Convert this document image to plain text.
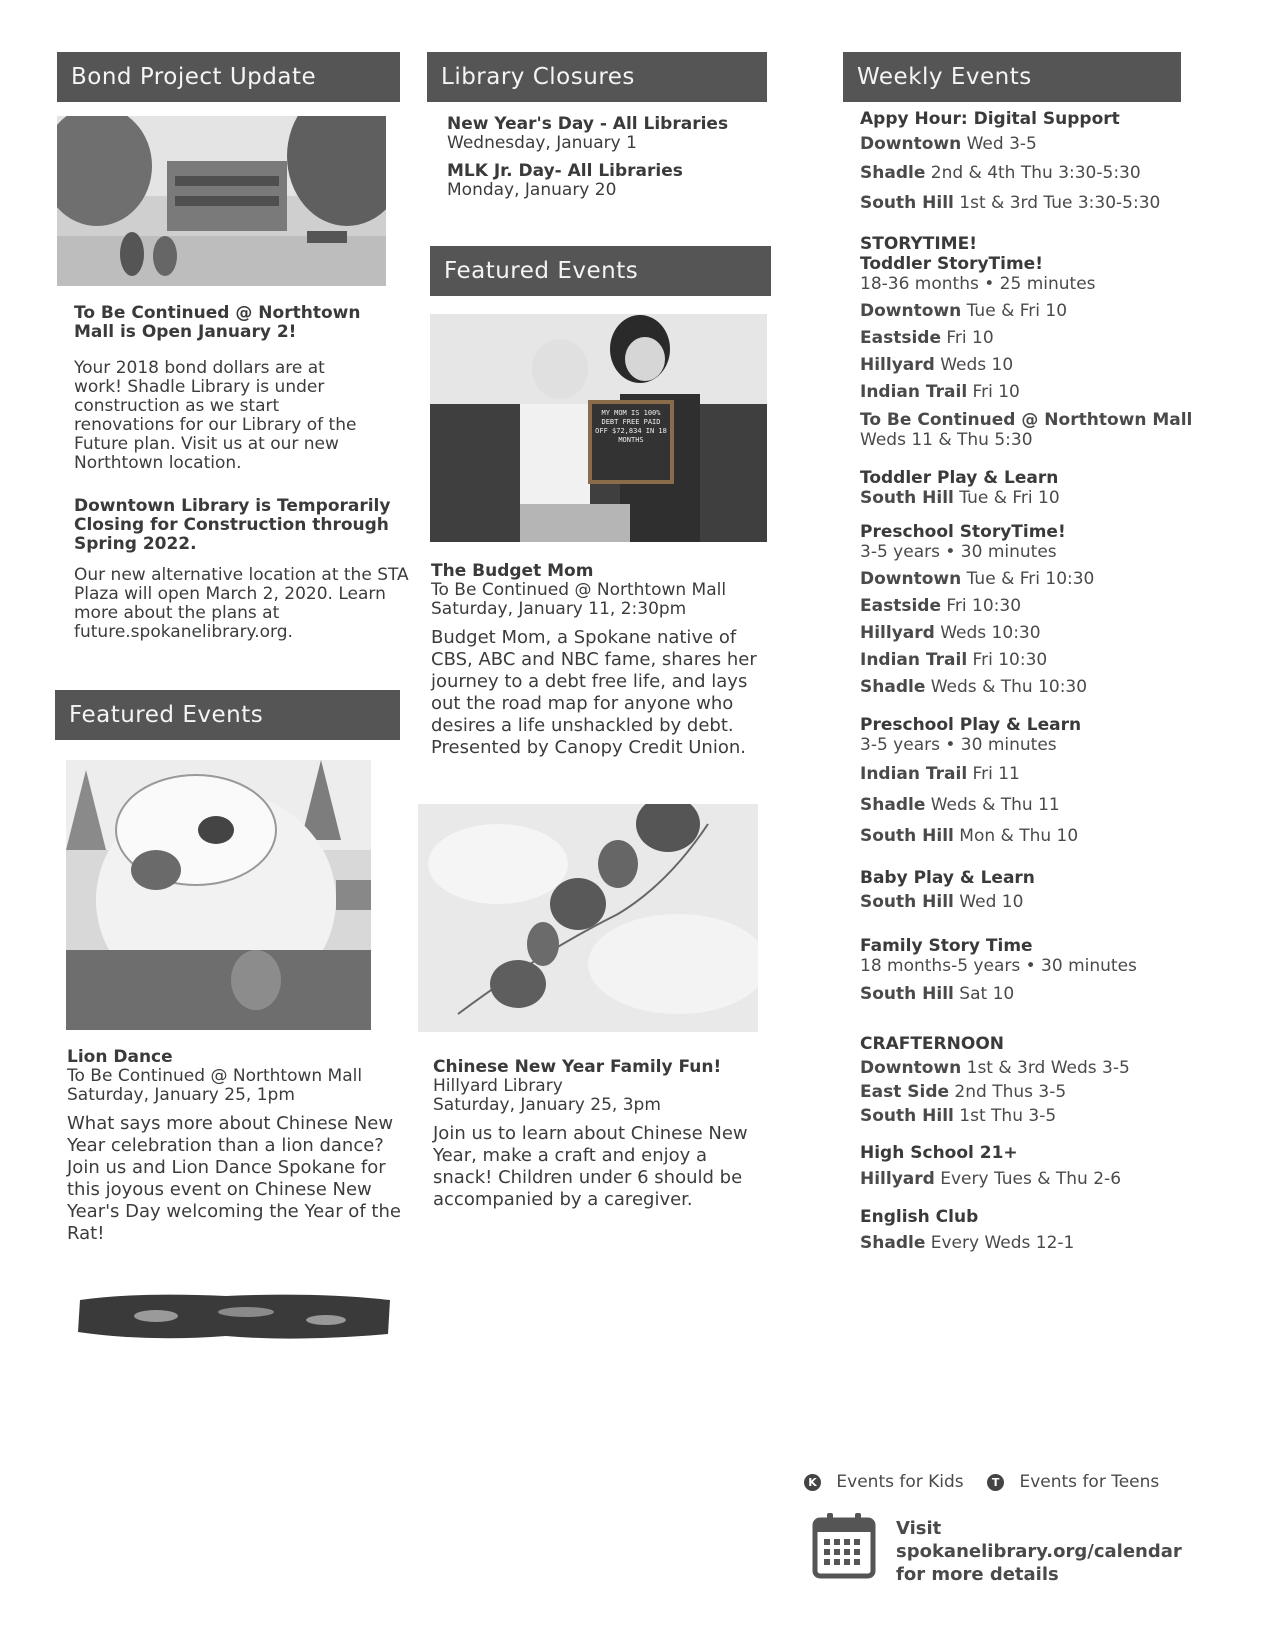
Bond Project Update
To Be Continued @ Northtown Mall is Open January 2!
Your 2018 bond dollars are at work! Shadle Library is under construction as we start renovations for our Library of the Future plan. Visit us at our new Northtown location.
Downtown Library is Temporarily Closing for Construction through Spring 2022.
Our new alternative location at the STA Plaza will open March 2, 2020. Learn more about the plans at future.spokanelibrary.org.
Featured Events

Lion Dance

To Be Continued @ Northtown Mall

Saturday, January 25, 1pm

What says more about Chinese New Year celebration than a lion dance? Join us and Lion Dance Spokane for this joyous event on Chinese New Year's Day welcoming the Year of the Rat!
Library Closures

New Year's Day - All Libraries

Wednesday, January 1

MLK Jr. Day- All Libraries

Monday, January 20

Featured Events
MY MOM IS 100% DEBT FREE PAID OFF $72,834 IN 18 MONTHS

The Budget Mom

To Be Continued @ Northtown Mall

Saturday, January 11, 2:30pm

Budget Mom, a Spokane native of CBS, ABC and NBC fame, shares her journey to a debt free life, and lays out the road map for anyone who desires a life unshackled by debt. Presented by Canopy Credit Union.

Chinese New Year Family Fun!

Hillyard Library

Saturday, January 25, 3pm

Join us to learn about Chinese New Year, make a craft and enjoy a snack! Children under 6 should be accompanied by a caregiver.
Weekly Events
Appy Hour: Digital Support
Downtown Wed 3-5
Shadle 2nd & 4th Thu 3:30-5:30
South Hill 1st & 3rd Tue 3:30-5:30
STORYTIME!
Toddler StoryTime!
18-36 months • 25 minutes
Downtown Tue & Fri 10
Eastside Fri 10
Hillyard Weds 10
Indian Trail Fri 10
To Be Continued @ Northtown Mall
Weds 11 & Thu 5:30
Toddler Play & Learn
South Hill Tue & Fri 10
Preschool StoryTime!
3-5 years • 30 minutes
Downtown Tue & Fri 10:30
Eastside Fri 10:30
Hillyard Weds 10:30
Indian Trail Fri 10:30
Shadle Weds & Thu 10:30
Preschool Play & Learn
3-5 years • 30 minutes
Indian Trail Fri 11
Shadle Weds & Thu 11
South Hill Mon & Thu 10
Baby Play & Learn
South Hill Wed 10
Family Story Time
18 months-5 years • 30 minutes
South Hill Sat 10
CRAFTERNOON
Downtown 1st & 3rd Weds 3-5
East Side 2nd Thus 3-5
South Hill 1st Thu 3-5
High School 21+
Hillyard Every Tues & Thu 2-6
English Club
Shadle Every Weds 12-1
K Events for Kids	T Events for Teens
Visit
spokanelibrary.org/calendar
for more details
